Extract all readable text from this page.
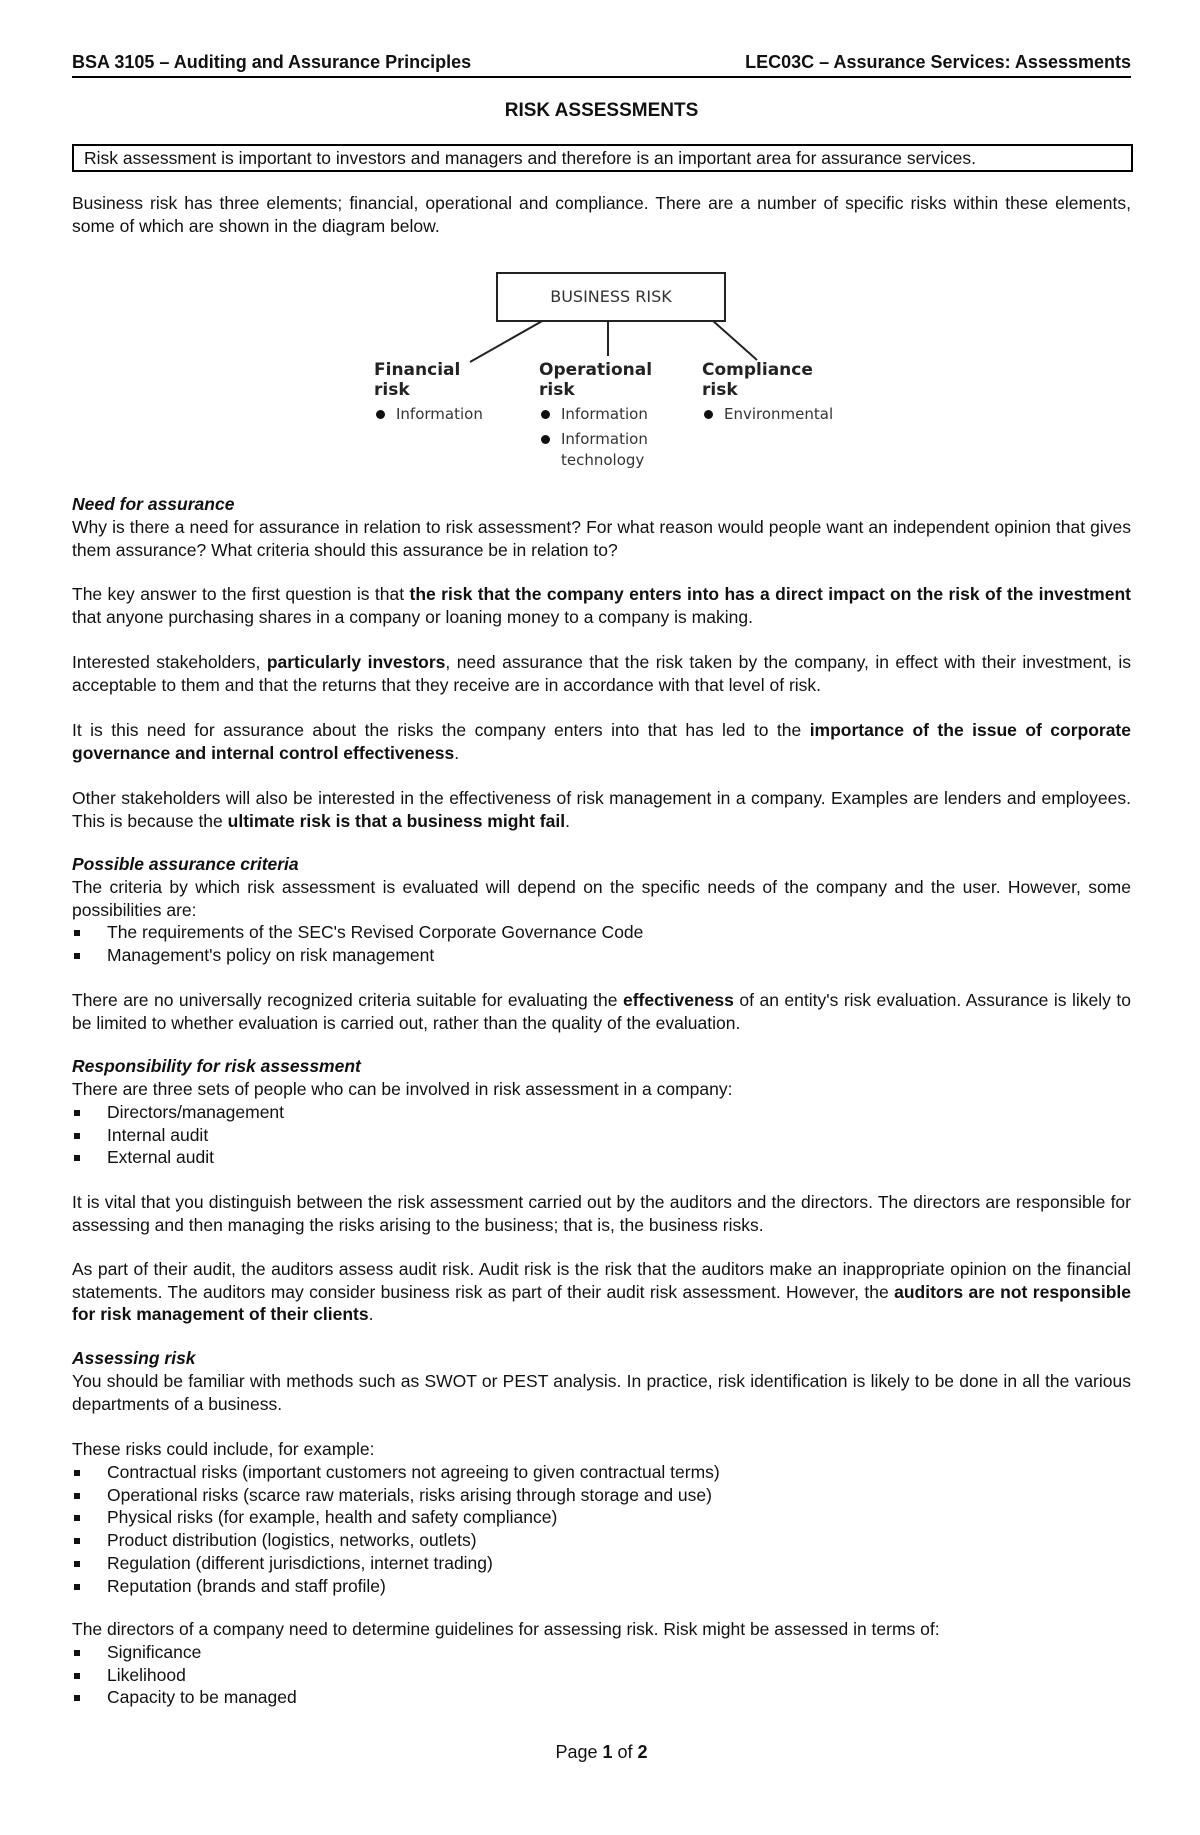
BSA 3105 – Auditing and Assurance Principles	LEC03C – Assurance Services: Assessments
RISK ASSESSMENTS
Risk assessment is important to investors and managers and therefore is an important area for assurance services.
Business risk has three elements; financial, operational and compliance. There are a number of specific risks within these elements, some of which are shown in the diagram below.
BUSINESS RISK
Financial risk
Information
Operational risk
Information
Information technology
Compliance risk
Environmental
Need for assurance
Why is there a need for assurance in relation to risk assessment? For what reason would people want an independent opinion that gives them assurance? What criteria should this assurance be in relation to?
The key answer to the first question is that the risk that the company enters into has a direct impact on the risk of the investment that anyone purchasing shares in a company or loaning money to a company is making.
Interested stakeholders, particularly investors, need assurance that the risk taken by the company, in effect with their investment, is acceptable to them and that the returns that they receive are in accordance with that level of risk.
It is this need for assurance about the risks the company enters into that has led to the importance of the issue of corporate governance and internal control effectiveness.
Other stakeholders will also be interested in the effectiveness of risk management in a company. Examples are lenders and employees. This is because the ultimate risk is that a business might fail.
Possible assurance criteria
The criteria by which risk assessment is evaluated will depend on the specific needs of the company and the user. However, some possibilities are:
The requirements of the SEC's Revised Corporate Governance Code
Management's policy on risk management
There are no universally recognized criteria suitable for evaluating the effectiveness of an entity's risk evaluation. Assurance is likely to be limited to whether evaluation is carried out, rather than the quality of the evaluation.
Responsibility for risk assessment
There are three sets of people who can be involved in risk assessment in a company:
Directors/management
Internal audit
External audit
It is vital that you distinguish between the risk assessment carried out by the auditors and the directors. The directors are responsible for assessing and then managing the risks arising to the business; that is, the business risks.
As part of their audit, the auditors assess audit risk. Audit risk is the risk that the auditors make an inappropriate opinion on the financial statements. The auditors may consider business risk as part of their audit risk assessment. However, the auditors are not responsible for risk management of their clients.
Assessing risk
You should be familiar with methods such as SWOT or PEST analysis. In practice, risk identification is likely to be done in all the various departments of a business.
These risks could include, for example:
Contractual risks (important customers not agreeing to given contractual terms)
Operational risks (scarce raw materials, risks arising through storage and use)
Physical risks (for example, health and safety compliance)
Product distribution (logistics, networks, outlets)
Regulation (different jurisdictions, internet trading)
Reputation (brands and staff profile)
The directors of a company need to determine guidelines for assessing risk. Risk might be assessed in terms of:
Significance
Likelihood
Capacity to be managed
Page 1 of 2
